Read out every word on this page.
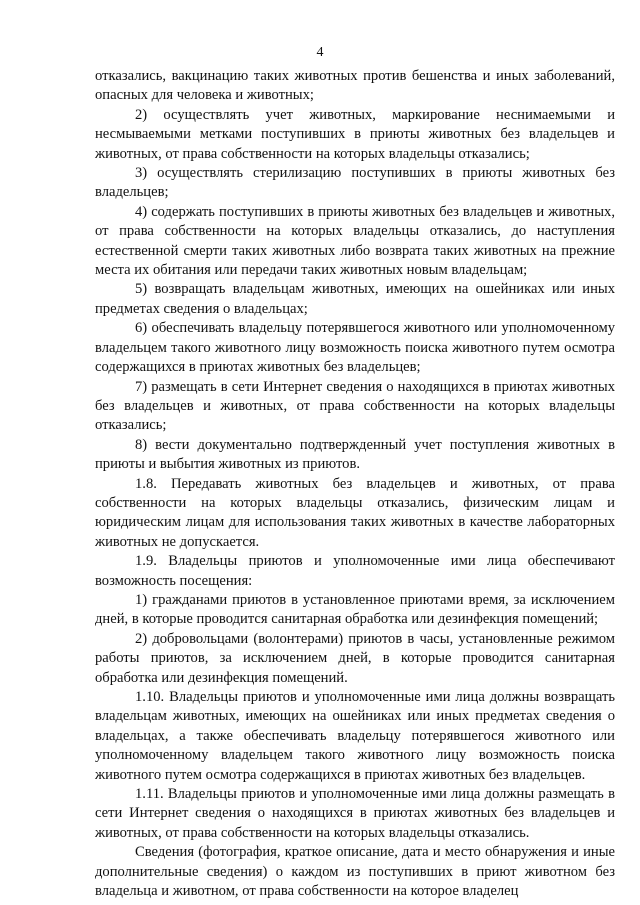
4

отказались, вакцинацию таких животных против бешенства и иных заболеваний, опасных для человека и животных;

2) осуществлять учет животных, маркирование неснимаемыми и несмываемыми метками поступивших в приюты животных без владельцев и животных, от права собственности на которых владельцы отказались;

3) осуществлять стерилизацию поступивших в приюты животных без владельцев;

4) содержать поступивших в приюты животных без владельцев и животных, от права собственности на которых владельцы отказались, до наступления естественной смерти таких животных либо возврата таких животных на прежние места их обитания или передачи таких животных новым владельцам;

5) возвращать владельцам животных, имеющих на ошейниках или иных предметах сведения о владельцах;

6) обеспечивать владельцу потерявшегося животного или уполномоченному владельцем такого животного лицу возможность поиска животного путем осмотра содержащихся в приютах животных без владельцев;

7) размещать в сети Интернет сведения о находящихся в приютах животных без владельцев и животных, от права собственности на которых владельцы отказались;

8) вести документально подтвержденный учет поступления животных в приюты и выбытия животных из приютов.

1.8. Передавать животных без владельцев и животных, от права собственности на которых владельцы отказались, физическим лицам и юридическим лицам для использования таких животных в качестве лабораторных животных не допускается.

1.9. Владельцы приютов и уполномоченные ими лица обеспечивают возможность посещения:

1) гражданами приютов в установленное приютами время, за исключением дней, в которые проводится санитарная обработка или дезинфекция помещений;

2) добровольцами (волонтерами) приютов в часы, установленные режимом работы приютов, за исключением дней, в которые проводится санитарная обработка или дезинфекция помещений.

1.10. Владельцы приютов и уполномоченные ими лица должны возвращать владельцам животных, имеющих на ошейниках или иных предметах сведения о владельцах, а также обеспечивать владельцу потерявшегося животного или уполномоченному владельцем такого животного лицу возможность поиска животного путем осмотра содержащихся в приютах животных без владельцев.

1.11. Владельцы приютов и уполномоченные ими лица должны размещать в сети Интернет сведения о находящихся в приютах животных без владельцев и животных, от права собственности на которых владельцы отказались.

Сведения (фотография, краткое описание, дата и место обнаружения и иные дополнительные сведения) о каждом из поступивших в приют животном без владельца и животном, от права собственности на которое владелец
